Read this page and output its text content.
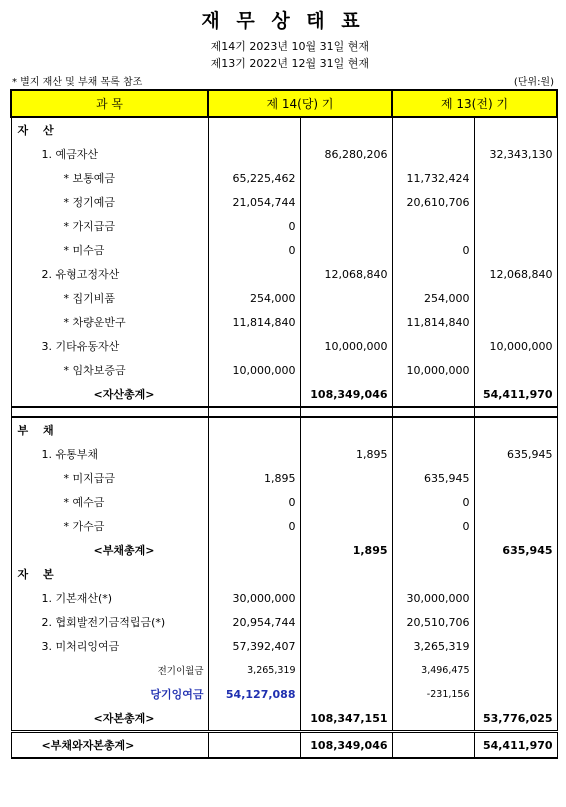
재 무 상 태 표
제14기 2023년 10월 31일 현재
제13기 2022년 12월 31일 현재
* 별지 재산 및 부채 목록 참조	(단위:원)
과 목	제 14(당) 기		제 13(전) 기	
자　 산				
1. 예금자산		86,280,206		32,343,130
* 보통예금	65,225,462		11,732,424	
* 정기예금	21,054,744		20,610,706	
* 가지급금	0			
* 미수금	0		0	
2. 유형고정자산		12,068,840		12,068,840
* 집기비품	254,000		254,000	
* 차량운반구	11,814,840		11,814,840	
3. 기타유동자산		10,000,000		10,000,000
* 임차보증금	10,000,000		10,000,000	
<자산총계>		108,349,046		54,411,970

부　 채				
1. 유통부채		1,895		635,945
* 미지급금	1,895		635,945	
* 예수금	0		0	
* 가수금	0		0	
<부채총계>		1,895		635,945
자　 본				
1. 기본재산(*)	30,000,000		30,000,000	
2. 협회발전기금적립금(*)	20,954,744		20,510,706	
3. 미처리잉여금	57,392,407		3,265,319	
전기이월금	3,265,319		3,496,475	
당기잉여금	54,127,088		-231,156	
<자본총계>		108,347,151		53,776,025
<부채와자본총계>		108,349,046		54,411,970
